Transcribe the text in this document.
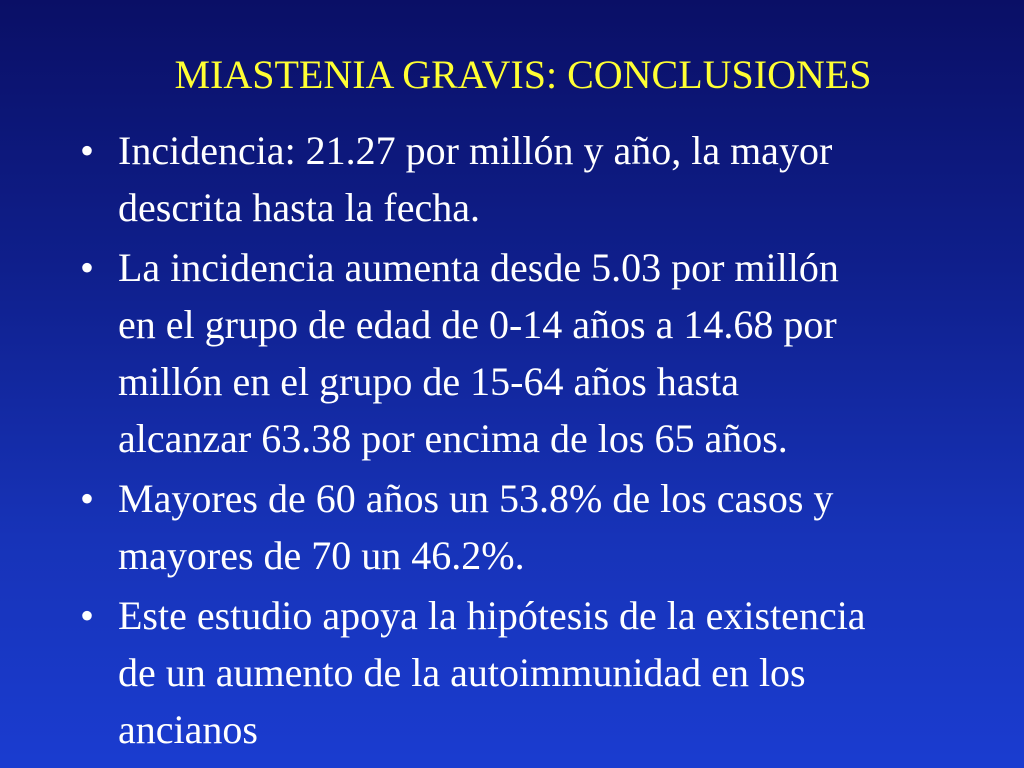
MIASTENIA GRAVIS: CONCLUSIONES
• Incidencia: 21.27 por millón y año, la mayor
descrita hasta la fecha.
• La incidencia aumenta desde 5.03 por millón
en el grupo de edad de 0-14 años a 14.68 por
millón en el grupo de 15-64 años hasta
alcanzar 63.38 por encima de los 65 años.
• Mayores de 60 años un 53.8% de los casos y
mayores de 70 un 46.2%.
• Este estudio apoya la hipótesis de la existencia
de un aumento de la autoimmunidad en los
ancianos
